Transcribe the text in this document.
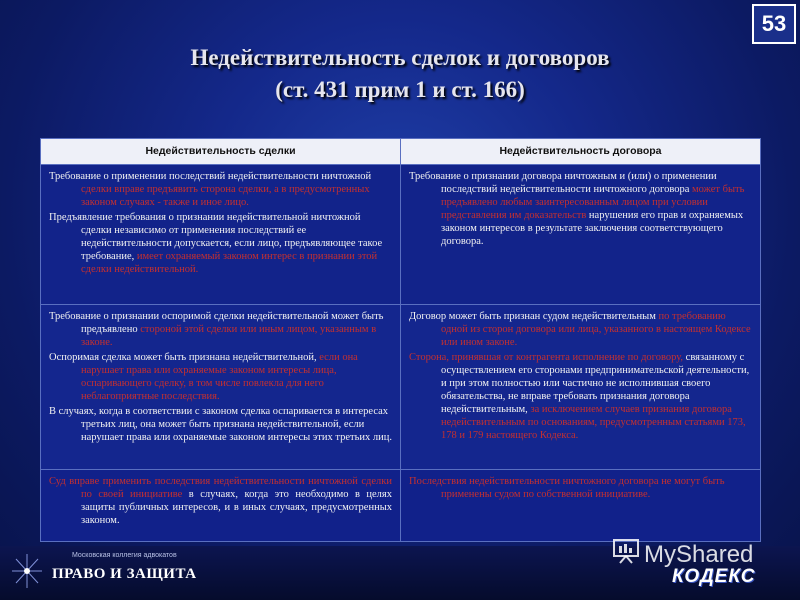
53
Недействительность сделок и договоров
(ст. 431 прим 1 и ст. 166)
Недействительность сделки	Недействительность договора
Требование о применении последствий недействительности ничтожной сделки вправе предъявить сторона сделки, а в предусмотренных законом случаях - также и иное лицо.
Предъявление требования о признании недействительной ничтожной сделки независимо от применения последствий ее недействительности допускается, если лицо, предъявляющее такое требование, имеет охраняемый законом интерес в признании этой сделки недействительной.
Требование о признании договора ничтожным и (или) о применении последствий недействительности ничтожного договора может быть предъявлено любым заинтересованным лицом при условии представления им доказательств нарушения его прав и охраняемых законом интересов в результате заключения соответствующего договора.
Требование о признании оспоримой сделки недействительной может быть предъявлено стороной этой сделки или иным лицом, указанным в законе.
Оспоримая сделка может быть признана недействительной, если она нарушает права или охраняемые законом интересы лица, оспаривающего сделку, в том числе повлекла для него неблагоприятные последствия.
В случаях, когда в соответствии с законом сделка оспаривается в интересах третьих лиц, она может быть признана недействительной, если нарушает права или охраняемые законом интересы этих третьих лиц.
Договор может быть признан судом недействительным по требованию одной из сторон договора или лица, указанного в настоящем Кодексе или ином законе.
Сторона, принявшая от контрагента исполнение по договору, связанному с осуществлением его сторонами предпринимательской деятельности, и при этом полностью или частично не исполнившая своего обязательства, не вправе требовать признания договора недействительным, за исключением случаев признания договора недействительным по основаниям, предусмотренным статьями 173, 178 и 179 настоящего Кодекса.
Суд вправе применить последствия недействительности ничтожной сделки по своей инициативе в случаях, когда это необходимо в целях защиты публичных интересов, и в иных случаях, предусмотренных законом.
Последствия недействительности ничтожного договора не могут быть применены судом по собственной инициативе.
Московская коллегия адвокатов
ПРАВО И ЗАЩИТА
MyShared
КОДЕКС
